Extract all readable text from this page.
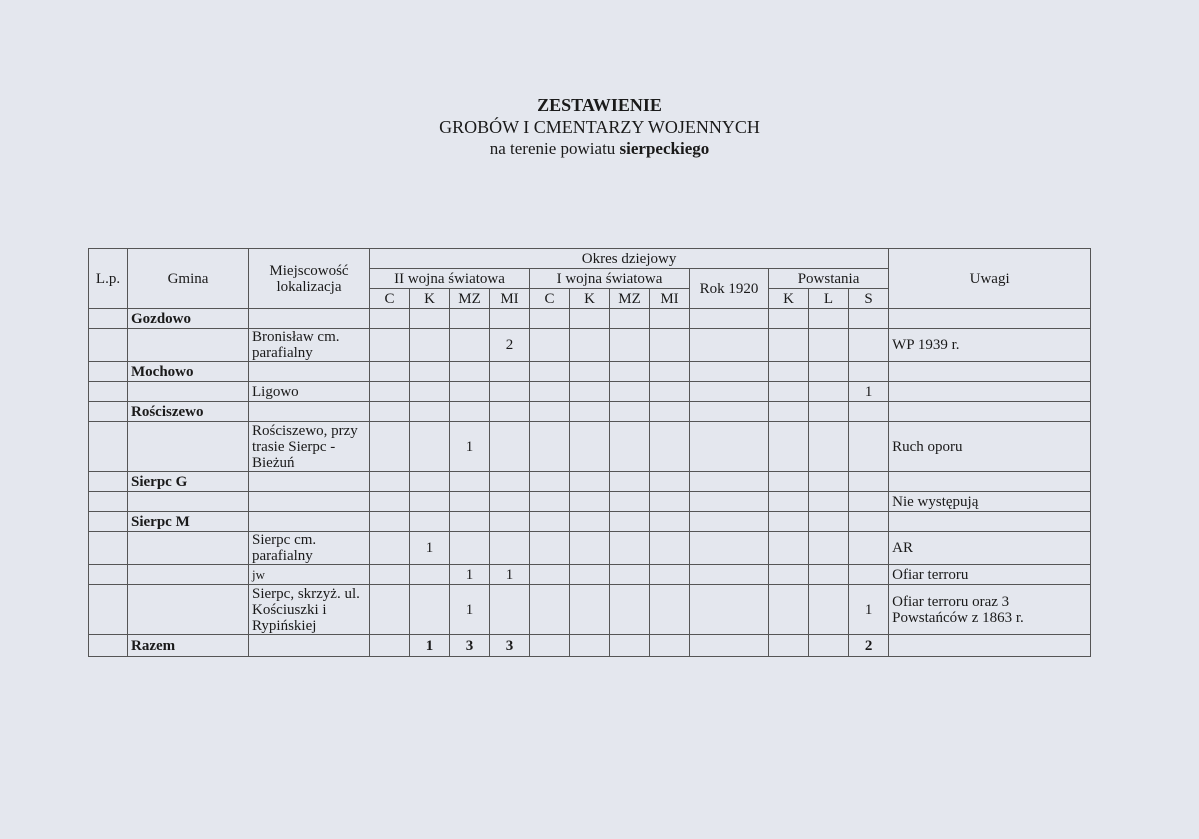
ZESTAWIENIE
GROBÓW I CMENTARZY WOJENNYCH
na terenie powiatu sierpeckiego
L.p.	Gmina	Miejscowość lokalizacja	Okres dziejowy												Uwagi
			II wojna światowa				I wojna światowa				Rok 1920	Powstania			
			C	K	MZ	MI	C	K	MZ	MI		K	L	S	
	Gozdowo														
		Bronisław cm. parafialny				2									WP 1939 r.
	Mochowo														
		Ligowo												1	
	Rościszewo														
		Rościszewo, przy trasie Sierpc - Bieżuń			1										Ruch oporu
	Sierpc G														
															Nie występują
	Sierpc M														
		Sierpc cm. parafialny		1											AR
		jw			1	1									Ofiar terroru
		Sierpc, skrzyż. ul. Kościuszki i Rypińskiej			1									1	Ofiar terroru oraz 3 Powstańców z 1863 r.
	Razem			1	3	3								2	
